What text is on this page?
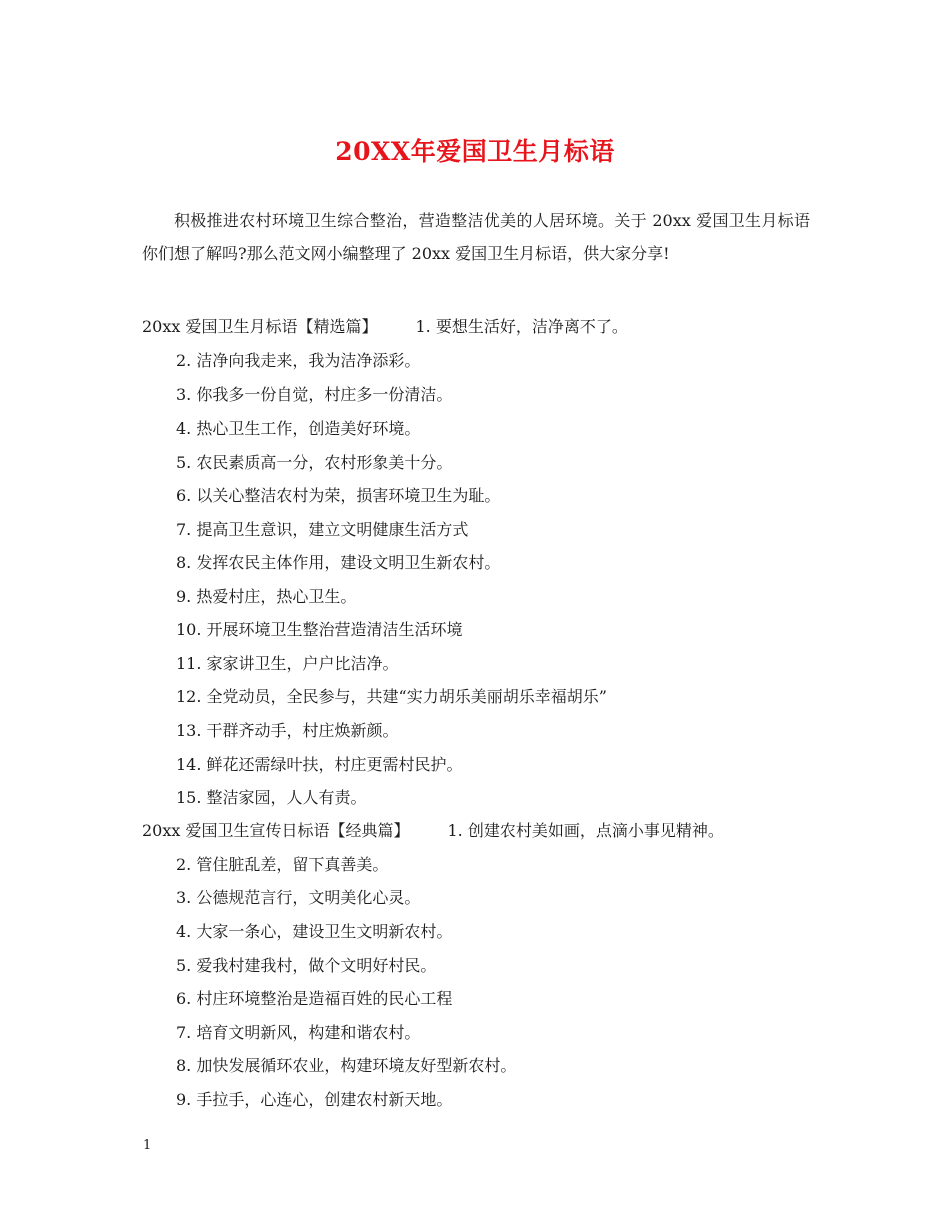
20XX年爱国卫生月标语

积极推进农村环境卫生综合整治，营造整洁优美的人居环境。关于 20xx 爱国卫生月标语你们想了解吗?那么范文网小编整理了 20xx 爱国卫生月标语，供大家分享!

20xx 爱国卫生月标语【精选篇】 1. 要想生活好，洁净离不了。
2. 洁净向我走来，我为洁净添彩。
3. 你我多一份自觉，村庄多一份清洁。
4. 热心卫生工作，创造美好环境。
5. 农民素质高一分，农村形象美十分。
6. 以关心整洁农村为荣，损害环境卫生为耻。
7. 提高卫生意识，建立文明健康生活方式
8. 发挥农民主体作用，建设文明卫生新农村。
9. 热爱村庄，热心卫生。
10. 开展环境卫生整治营造清洁生活环境
11. 家家讲卫生，户户比洁净。
12. 全党动员，全民参与，共建“实力胡乐美丽胡乐幸福胡乐”
13. 干群齐动手，村庄焕新颜。
14. 鲜花还需绿叶扶，村庄更需村民护。
15. 整洁家园，人人有责。
20xx 爱国卫生宣传日标语【经典篇】 1. 创建农村美如画，点滴小事见精神。
2. 管住脏乱差，留下真善美。
3. 公德规范言行，文明美化心灵。
4. 大家一条心，建设卫生文明新农村。
5. 爱我村建我村，做个文明好村民。
6. 村庄环境整治是造福百姓的民心工程
7. 培育文明新风，构建和谐农村。
8. 加快发展循环农业，构建环境友好型新农村。
9. 手拉手，心连心，创建农村新天地。
1
